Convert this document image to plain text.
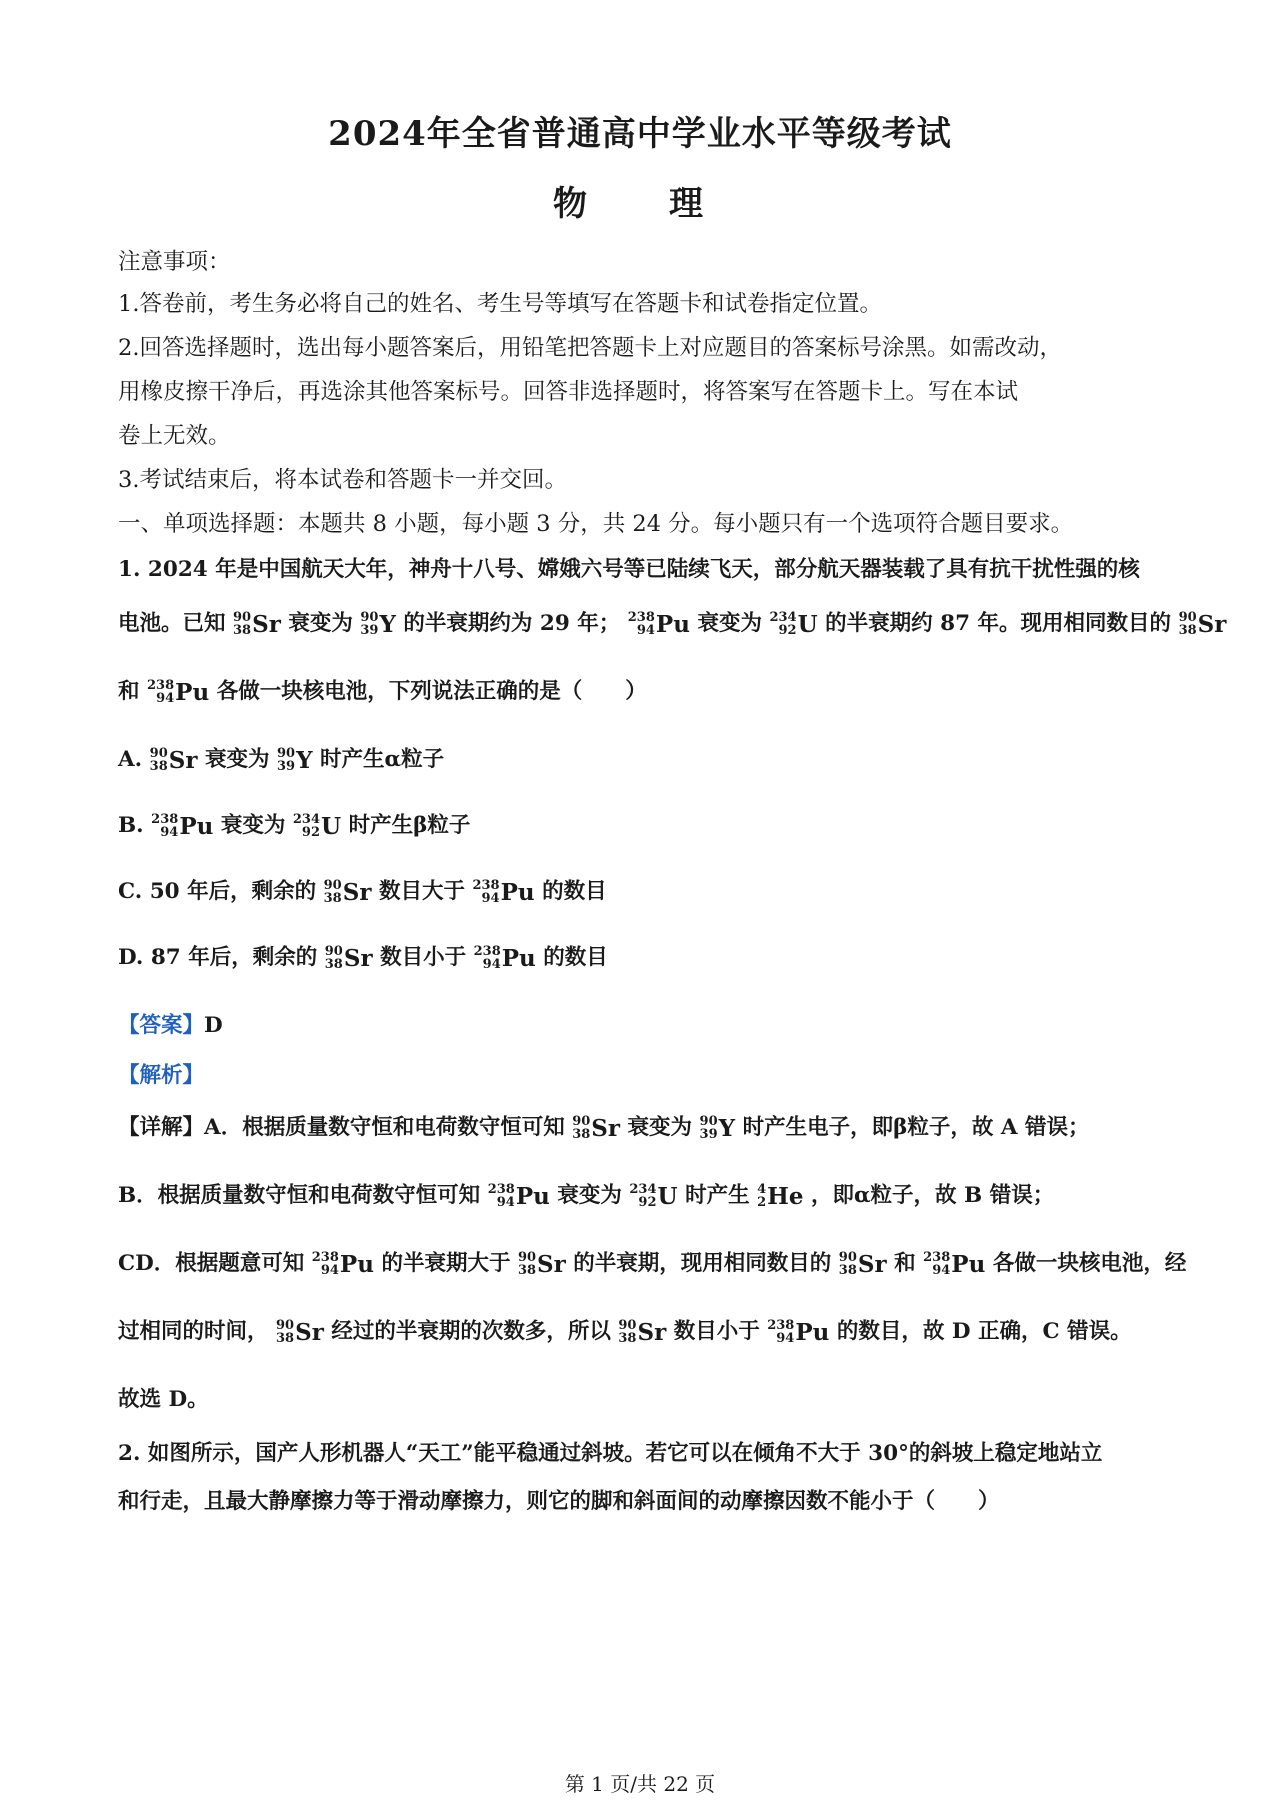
2024年全省普通高中学业水平等级考试
物　理
注意事项：
1.答卷前，考生务必将自己的姓名、考生号等填写在答题卡和试卷指定位置。
2.回答选择题时，选出每小题答案后，用铅笔把答题卡上对应题目的答案标号涂黑。如需改动，
用橡皮擦干净后，再选涂其他答案标号。回答非选择题时，将答案写在答题卡上。写在本试
卷上无效。
3.考试结束后，将本试卷和答题卡一并交回。
一、单项选择题：本题共 8 小题，每小题 3 分，共 24 分。每小题只有一个选项符合题目要求。
1. 2024 年是中国航天大年，神舟十八号、嫦娥六号等已陆续飞天，部分航天器装载了具有抗干扰性强的核
电池。已知 90
38 Sr 衰变为 90
39 Y 的半衰期约为 29 年； 238
94 Pu 衰变为 234
92 U 的半衰期约 87 年。现用相同数目的 90
38 Sr
和 238
94 Pu 各做一块核电池，下列说法正确的是（　　）
A. 90
38 Sr 衰变为 90
39 Y 时产生α粒子
B. 238
94 Pu 衰变为 234
92 U 时产生β粒子
C. 50 年后，剩余的 90
38 Sr 数目大于 238
94 Pu 的数目
D. 87 年后，剩余的 90
38 Sr 数目小于 238
94 Pu 的数目
【答案】D
【解析】
【详解】A．根据质量数守恒和电荷数守恒可知 90
38 Sr 衰变为 90
39 Y 时产生电子，即β粒子，故 A 错误；
B．根据质量数守恒和电荷数守恒可知 238
94 Pu 衰变为 234
92 U 时产生 4
2 He ，即α粒子，故 B 错误；
CD．根据题意可知 238
94 Pu 的半衰期大于 90
38 Sr 的半衰期，现用相同数目的 90
38 Sr 和 238
94 Pu 各做一块核电池，经
过相同的时间， 90
38 Sr 经过的半衰期的次数多，所以 90
38 Sr 数目小于 238
94 Pu 的数目，故 D 正确，C 错误。
故选 D。
2. 如图所示，国产人形机器人“天工”能平稳通过斜坡。若它可以在倾角不大于 30°的斜坡上稳定地站立
和行走，且最大静摩擦力等于滑动摩擦力，则它的脚和斜面间的动摩擦因数不能小于（　　）
第 1 页/共 22 页
